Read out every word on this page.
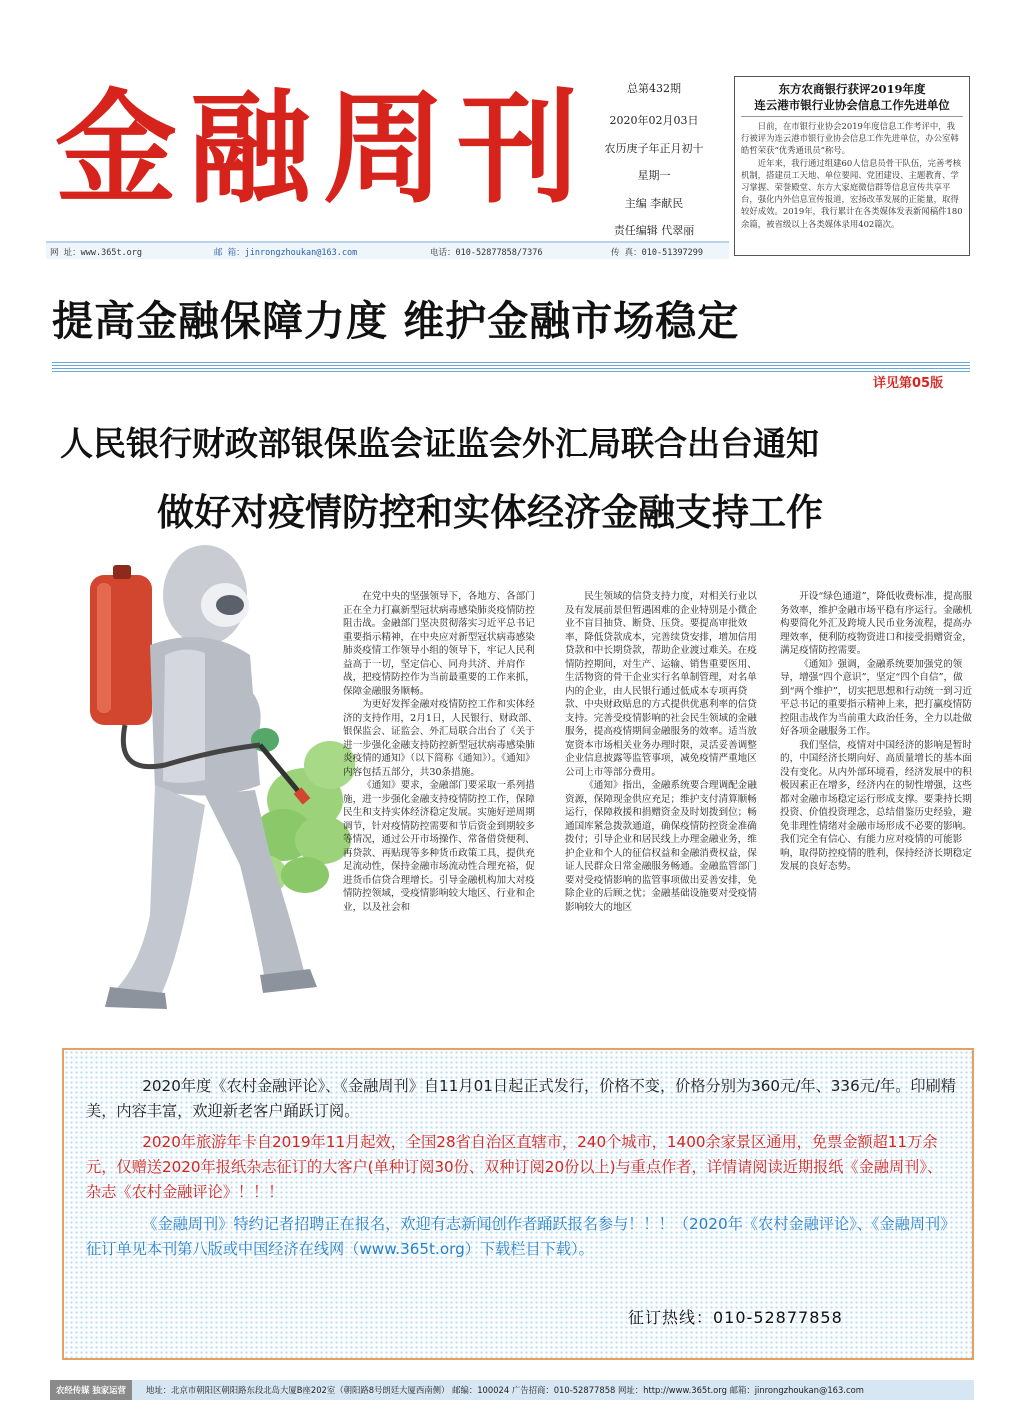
金融周刊	总第432期
2020年02月03日
农历庚子年正月初十
星期一
主编 李献民
责任编辑 代翠丽
东方农商银行获评2019年度
连云港市银行业协会信息工作先进单位

日前，在市银行业协会2019年度信息工作考评中，我行被评为连云港市银行业协会信息工作先进单位，办公室韩皓哲荣获“优秀通讯员”称号。

近年来，我行通过组建60人信息员骨干队伍，完善考核机制，搭建员工天地、单位要闻、党团建设、主题教育、学习掌握、荣誉殿堂、东方大家庭微信群等信息宣传共享平台，强化内外信息宣传报道，宏扬改革发展的正能量，取得较好成效。2019年，我行累计在各类媒体发表新闻稿件180余篇，被省级以上各类媒体录用402篇次。

网 址：www.365t.org	邮 箱：jinrongzhoukan@163.com	电话：010-52877858/7376	传 真：010-51397299
提高金融保障力度 维护金融市场稳定
详见第05版
人民银行财政部银保监会证监会外汇局联合出台通知
做好对疫情防控和实体经济金融支持工作

在党中央的坚强领导下，各地方、各部门正在全力打赢新型冠状病毒感染肺炎疫情防控阻击战。金融部门坚决贯彻落实习近平总书记重要指示精神，在中央应对新型冠状病毒感染肺炎疫情工作领导小组的领导下，牢记人民利益高于一切，坚定信心、同舟共济、并肩作战，把疫情防控作为当前最重要的工作来抓，保障金融服务顺畅。

为更好发挥金融对疫情防控工作和实体经济的支持作用，2月1日，人民银行、财政部、银保监会、证监会、外汇局联合出台了《关于进一步强化金融支持防控新型冠状病毒感染肺炎疫情的通知》（以下简称《通知》）。《通知》内容包括五部分，共30条措施。

《通知》要求，金融部门要采取一系列措施，进一步强化金融支持疫情防控工作，保障民生和支持实体经济稳定发展。实施好逆周期调节，针对疫情防控需要和节后资金到期较多等情况，通过公开市场操作、常备借贷便利、再贷款、再贴现等多种货币政策工具，提供充足流动性，保持金融市场流动性合理充裕，促进货币信贷合理增长。引导金融机构加大对疫情防控领域，受疫情影响较大地区、行业和企业，以及社会和

民生领域的信贷支持力度，对相关行业以及有发展前景但暂遇困难的企业特别是小微企业不盲目抽贷、断贷、压贷。要提高审批效率，降低贷款成本，完善续贷安排，增加信用贷款和中长期贷款，帮助企业渡过难关。在疫情防控期间，对生产、运输、销售重要医用、生活物资的骨干企业实行名单制管理，对名单内的企业，由人民银行通过低成本专项再贷款、中央财政贴息的方式提供优惠利率的信贷支持。完善受疫情影响的社会民生领域的金融服务，提高疫情期间金融服务的效率。适当放宽资本市场相关业务办理时限，灵活妥善调整企业信息披露等监管事项，减免疫情严重地区公司上市等部分费用。

《通知》指出，金融系统要合理调配金融资源，保障现金供应充足；维护支付清算顺畅运行，保障救援和捐赠资金及时划拨到位；畅通国库紧急拨款通道，确保疫情防控资金准确拨付；引导企业和居民线上办理金融业务，维护企业和个人的征信权益和金融消费权益，保证人民群众日常金融服务畅通。金融监管部门要对受疫情影响的监管事项做出妥善安排，免除企业的后顾之忧；金融基础设施要对受疫情影响较大的地区

开设“绿色通道”，降低收费标准，提高服务效率，维护金融市场平稳有序运行。金融机构要简化外汇及跨境人民币业务流程，提高办理效率，便利防疫物资进口和接受捐赠资金，满足疫情防控需要。

《通知》强调，金融系统要加强党的领导，增强“四个意识”，坚定“四个自信”，做到“两个维护”，切实把思想和行动统一到习近平总书记的重要指示精神上来，把打赢疫情防控阻击战作为当前重大政治任务，全力以赴做好各项金融服务工作。

我们坚信，疫情对中国经济的影响是暂时的，中国经济长期向好、高质量增长的基本面没有变化。从内外部环境看，经济发展中的积极因素正在增多，经济内在的韧性增强，这些都对金融市场稳定运行形成支撑。要秉持长期投资、价值投资理念，总结借鉴历史经验，避免非理性情绪对金融市场形成不必要的影响。我们完全有信心、有能力应对疫情的可能影响，取得防控疫情的胜利，保持经济长期稳定发展的良好态势。

2020年度《农村金融评论》、《金融周刊》自11月01日起正式发行，价格不变，价格分别为360元/年、336元/年。印刷精美，内容丰富，欢迎新老客户踊跃订阅。

2020年旅游年卡自2019年11月起效，全国28省自治区直辖市，240个城市，1400余家景区通用，免票金额超11万余元，仅赠送2020年报纸杂志征订的大客户(单种订阅30份、双种订阅20份以上)与重点作者，详情请阅读近期报纸《金融周刊》、杂志《农村金融评论》！！！

《金融周刊》特约记者招聘正在报名，欢迎有志新闻创作者踊跃报名参与！！！（2020年《农村金融评论》、《金融周刊》征订单见本刊第八版或中国经济在线网（www.365t.org）下载栏目下载）。

征订热线：010-52877858
农经传媒 独家运营	地址：北京市朝阳区朝阳路东段北岛大厦B座202室（朝阳路8号朗廷大厦西南侧） 邮编：100024 广告招商：010-52877858 网址：http://www.365t.org 邮箱：jinrongzhoukan@163.com
